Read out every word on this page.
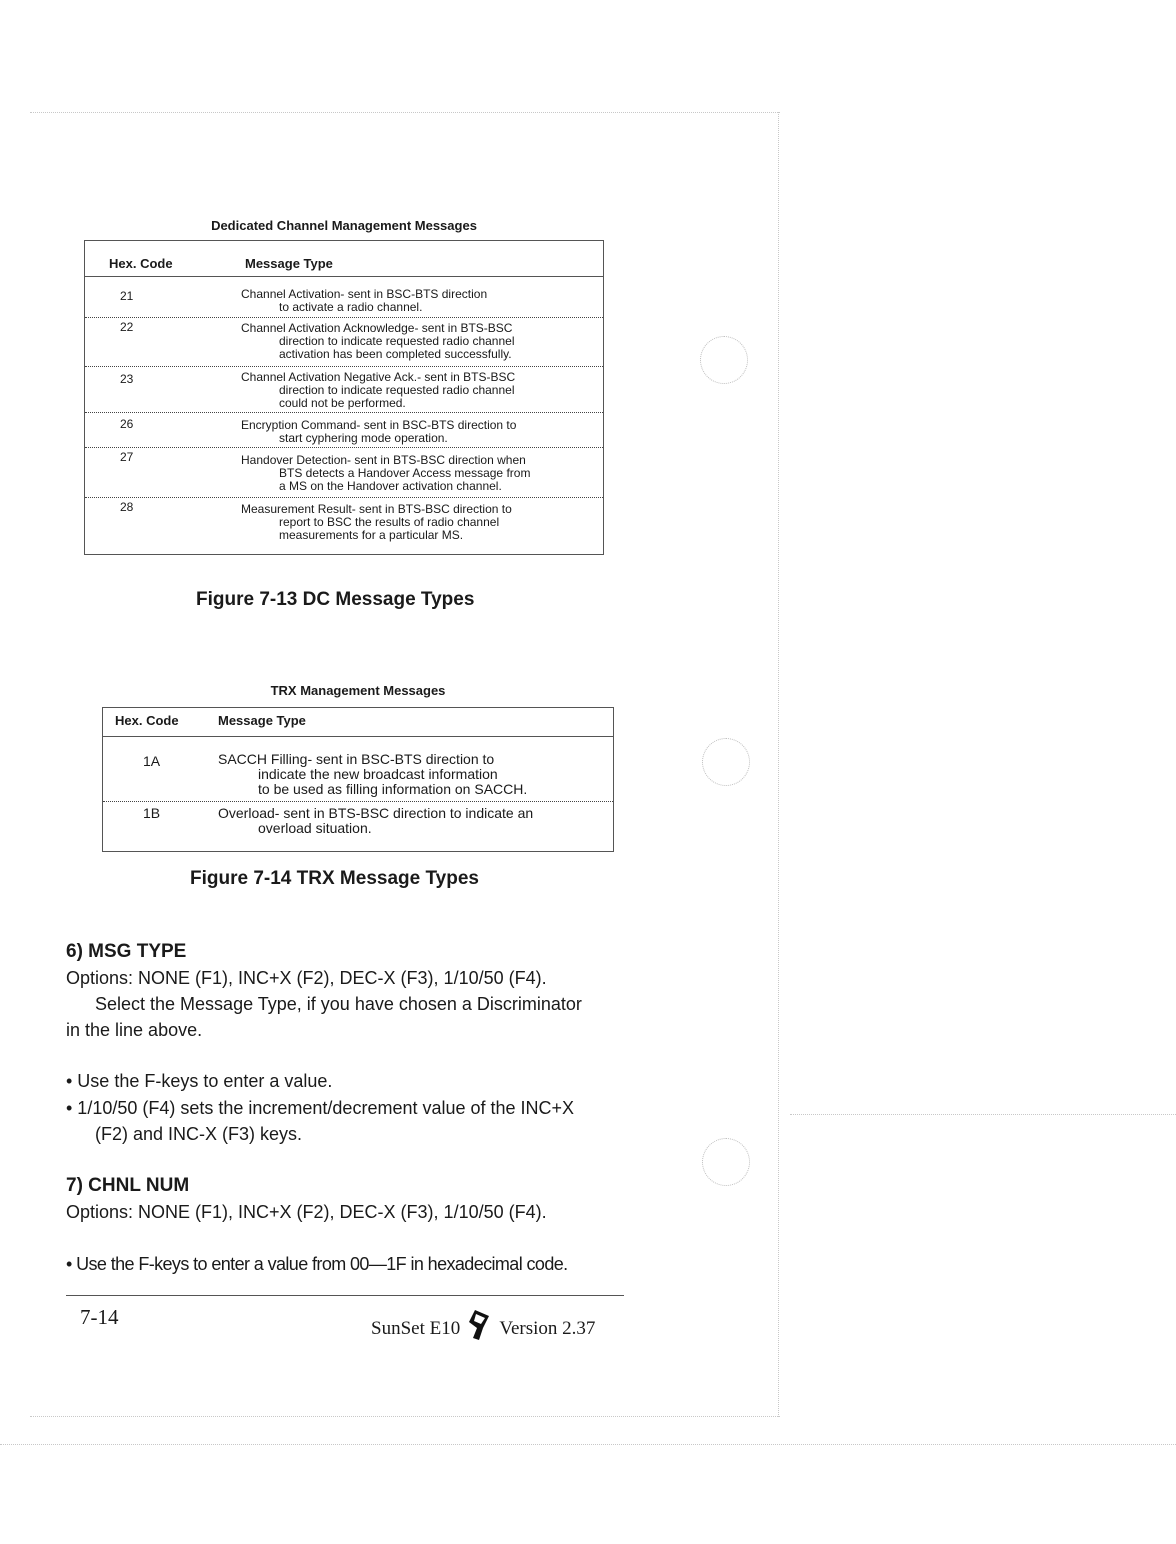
Dedicated Channel Management Messages
Hex. Code	Message Type
21	Channel Activation- sent in BSC-BTS direction
to activate a radio channel.
22	Channel Activation Acknowledge- sent in BTS-BSC
direction to indicate requested radio channel
activation has been completed successfully.
23	Channel Activation Negative Ack.- sent in BTS-BSC
direction to indicate requested radio channel
could not be performed.
26	Encryption Command- sent in BSC-BTS direction to
start cyphering mode operation.
27	Handover Detection- sent in BTS-BSC direction when
BTS detects a Handover Access message from
a MS on the Handover activation channel.
28	Measurement Result- sent in BTS-BSC direction to
report to BSC the results of radio channel
measurements for a particular MS.
Figure 7-13 DC Message Types
TRX Management Messages
Hex. Code	Message Type
1A	SACCH Filling- sent in BSC-BTS direction to
indicate the new broadcast information
to be used as filling information on SACCH.
1B	Overload- sent in BTS-BSC direction to indicate an
overload situation.
Figure 7-14 TRX Message Types
6) MSG TYPE
Options: NONE (F1), INC+X (F2), DEC-X (F3), 1/10/50 (F4).
Select the Message Type, if you have chosen a Discriminator
in the line above.
• Use the F-keys to enter a value.
• 1/10/50 (F4) sets the increment/decrement value of the INC+X
(F2) and INC-X (F3) keys.
7) CHNL NUM
Options: NONE (F1), INC+X (F2), DEC-X (F3), 1/10/50 (F4).
• Use the F-keys to enter a value from 00—1F in hexadecimal code.
7-14	SunSet E10 Version 2.37
